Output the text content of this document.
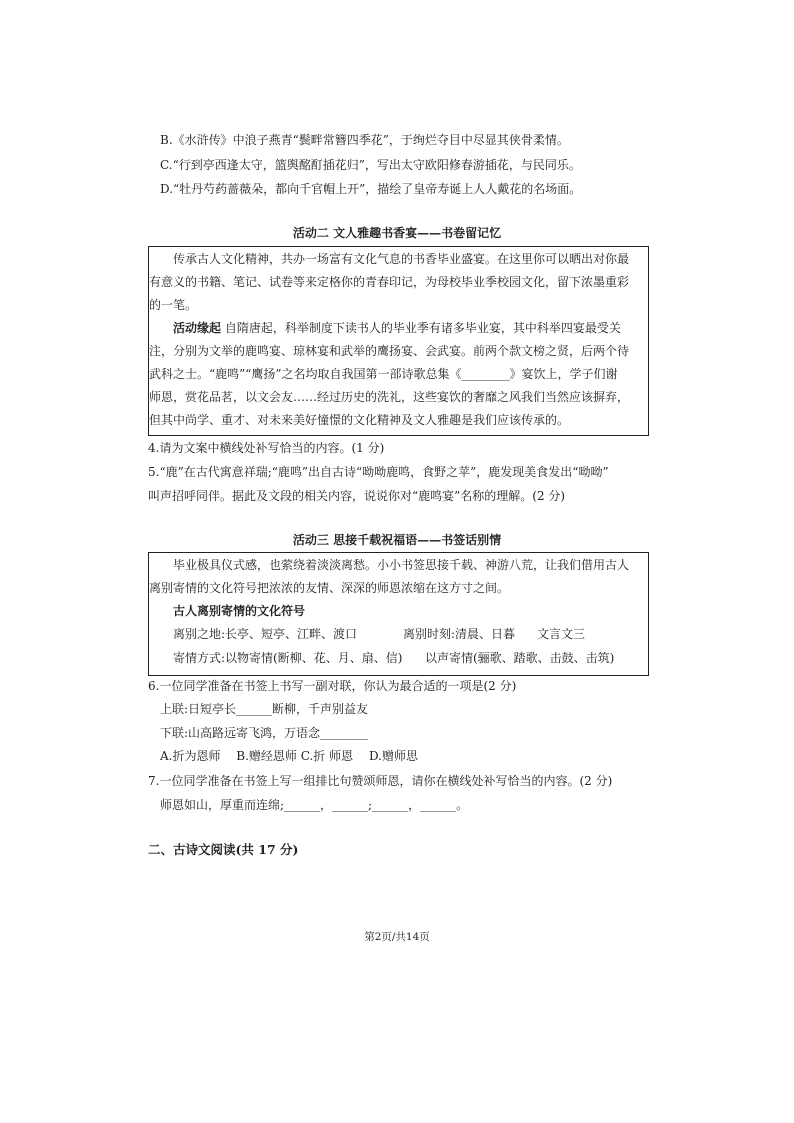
B.《水浒传》中浪子燕青“鬓畔常簪四季花”，于绚烂夺目中尽显其侠骨柔情。
C.“行到亭西逢太守，篮舆酩酊插花归”，写出太守欧阳修春游插花，与民同乐。
D.“牡丹芍药蔷薇朵，都向千官帽上开”，描绘了皇帝寿诞上人人戴花的名场面。
活动二 文人雅趣书香宴——书卷留记忆
　　传承古人文化精神，共办一场富有文化气息的书香毕业盛宴。在这里你可以晒出对你最
有意义的书籍、笔记、试卷等来定格你的青春印记，为母校毕业季校园文化，留下浓墨重彩
的一笔。
活动缘起 自隋唐起，科举制度下读书人的毕业季有诸多毕业宴，其中科举四宴最受关
注，分别为文举的鹿鸣宴、琼林宴和武举的鹰扬宴、会武宴。前两个款文榜之贤，后两个待
武科之士。“鹿鸣”“鹰扬”之名均取自我国第一部诗歌总集《________》宴饮上，学子们谢
师恩，赏花品茗，以文会友……经过历史的洗礼，这些宴饮的奢靡之风我们当然应该摒弃，
但其中尚学、重才、对未来美好憧憬的文化精神及文人雅趣是我们应该传承的。
4.请为文案中横线处补写恰当的内容。(1 分)
5.“鹿”在古代寓意祥瑞;“鹿鸣”出自古诗“呦呦鹿鸣，食野之苹”，鹿发现美食发出“呦呦”
叫声招呼同伴。据此及文段的相关内容，说说你对“鹿鸣宴”名称的理解。(2 分)
活动三 思接千载祝福语——书签话别情
　　毕业极具仪式感，也萦绕着淡淡离愁。小小书签思接千载、神游八荒，让我们借用古人
离别寄情的文化符号把浓浓的友情、深深的师恩浓缩在这方寸之间。
古人离别寄情的文化符号
离别之地:长亭、短亭、江畔、渡口	离别时刻:清晨、日暮 文言文三
寄情方式:以物寄情(断柳、花、月、扇、信) 以声寄情(骊歌、踏歌、击鼓、击筑)
6.一位同学准备在书签上书写一副对联，你认为最合适的一项是(2 分)
上联:日短亭长______断柳，千声别益友
下联:山高路远寄飞鸿，万语念________
A.折为恩师　 B.赠经恩师 C.折 师恩　 D.赠师思
7.一位同学准备在书签上写一组排比句赞颂师恩，请你在横线处补写恰当的内容。(2 分)
师恩如山，厚重而连绵;______，______;______，______。
二、古诗文阅读(共 17 分)
第2页/共14页
